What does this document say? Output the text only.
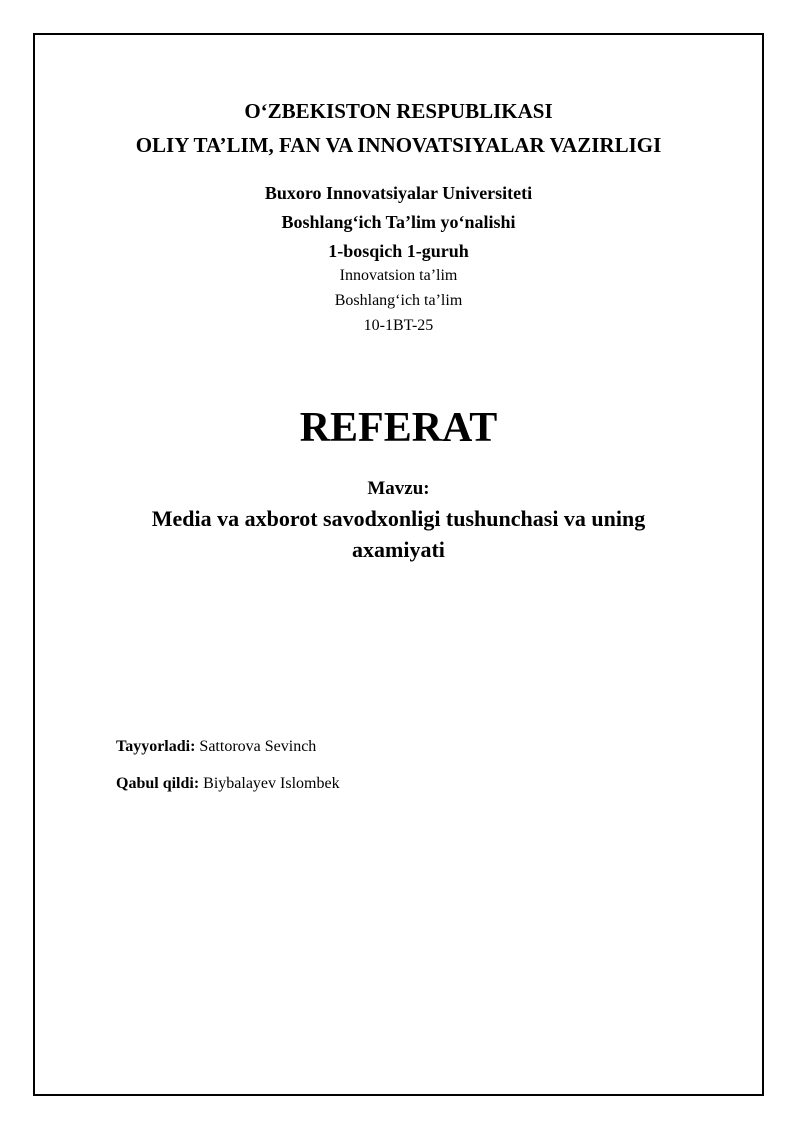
O‘ZBEKISTON RESPUBLIKASI
OLIY TA’LIM, FAN VA INNOVATSIYALAR VAZIRLIGI
Buxoro Innovatsiyalar Universiteti
Boshlang‘ich Ta’lim yo‘nalishi
1-bosqich 1-guruh
Innovatsion ta’lim
Boshlang‘ich ta’lim
10-1BT-25
REFERAT
Mavzu:
Media va axborot savodxonligi tushunchasi va uning
axamiyati
Tayyorladi: Sattorova Sevinch
Qabul qildi: Biybalayev Islombek
